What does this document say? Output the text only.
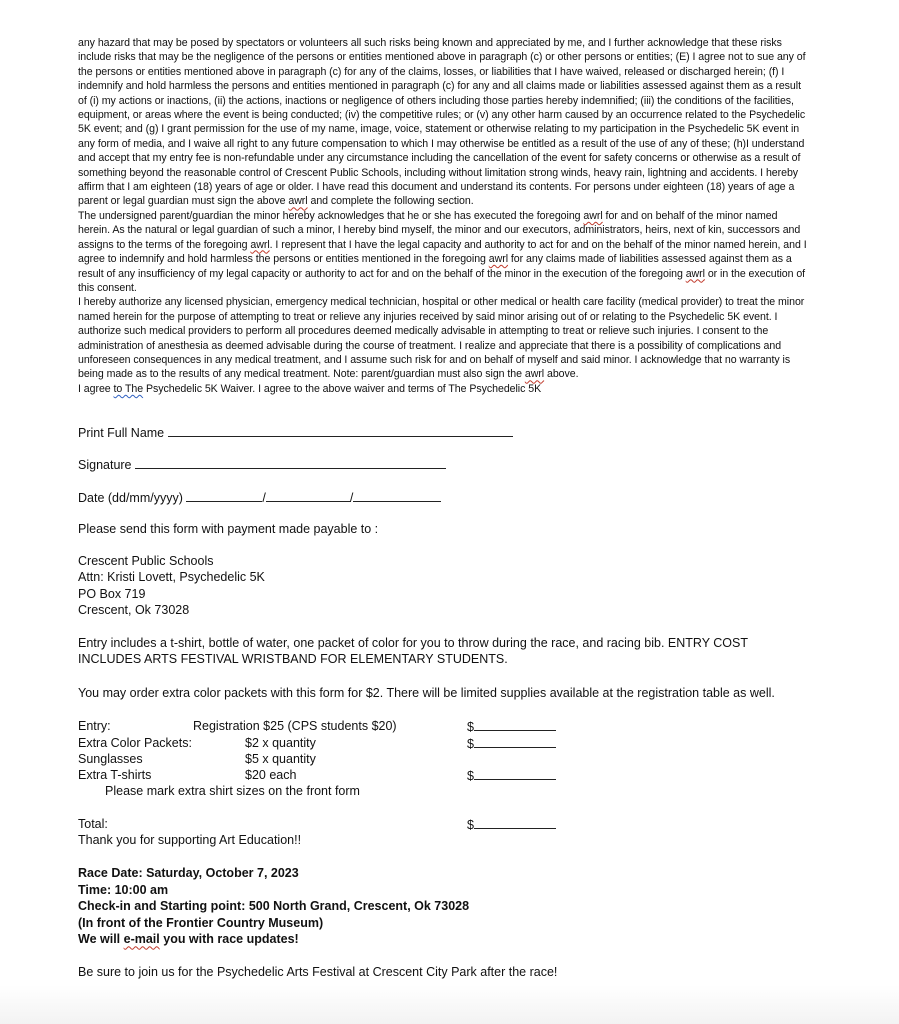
any hazard that may be posed by spectators or volunteers all such risks being known and appreciated by me, and I further acknowledge that these risks include risks that may be the negligence of the persons or entities mentioned above in paragraph (c) or other persons or entities; (E) I agree not to sue any of the persons or entities mentioned above in paragraph (c) for any of the claims, losses, or liabilities that I have waived, released or discharged herein; (f) I indemnify and hold harmless the persons and entities mentioned in paragraph (c) for any and all claims made or liabilities assessed against them as a result of (i) my actions or inactions, (ii) the actions, inactions or negligence of others including those parties hereby indemnified; (iii) the conditions of the facilities, equipment, or areas where the event is being conducted; (iv) the competitive rules; or (v) any other harm caused by an occurrence related to the Psychedelic 5K event; and (g) I grant permission for the use of my name, image, voice, statement or otherwise relating to my participation in the Psychedelic 5K event in any form of media, and I waive all right to any future compensation to which I may otherwise be entitled as a result of the use of any of these; (h)I understand and accept that my entry fee is non-refundable under any circumstance including the cancellation of the event for safety concerns or otherwise as a result of something beyond the reasonable control of Crescent Public Schools, including without limitation strong winds, heavy rain, lightning and accidents. I hereby affirm that I am eighteen (18) years of age or older. I have read this document and understand its contents. For persons under eighteen (18) years of age a parent or legal guardian must sign the above awrl and complete the following section.

The undersigned parent/guardian the minor hereby acknowledges that he or she has executed the foregoing awrl for and on behalf of the minor named herein. As the natural or legal guardian of such a minor, I hereby bind myself, the minor and our executors, administrators, heirs, next of kin, successors and assigns to the terms of the foregoing awrl. I represent that I have the legal capacity and authority to act for and on the behalf of the minor named herein, and I agree to indemnify and hold harmless the persons or entities mentioned in the foregoing awrl for any claims made of liabilities assessed against them as a result of any insufficiency of my legal capacity or authority to act for and on the behalf of the minor in the execution of the foregoing awrl or in the execution of this consent.

I hereby authorize any licensed physician, emergency medical technician, hospital or other medical or health care facility (medical provider) to treat the minor named herein for the purpose of attempting to treat or relieve any injuries received by said minor arising out of or relating to the Psychedelic 5K event. I authorize such medical providers to perform all procedures deemed medically advisable in attempting to treat or relieve such injuries. I consent to the administration of anesthesia as deemed advisable during the course of treatment. I realize and appreciate that there is a possibility of complications and unforeseen consequences in any medical treatment, and I assume such risk for and on behalf of myself and said minor. I acknowledge that no warranty is being made as to the results of any medical treatment. Note: parent/guardian must also sign the awrl above.

I agree to The Psychedelic 5K Waiver. I agree to the above waiver and terms of The Psychedelic 5K

Print Full Name
Signature
Date (dd/mm/yyyy)	/	/
Please send this form with payment made payable to :
Crescent Public Schools
Attn: Kristi Lovett, Psychedelic 5K
PO Box 719
Crescent, Ok 73028
Entry includes a t-shirt, bottle of water, one packet of color for you to throw during the race, and racing bib. ENTRY COST INCLUDES ARTS FESTIVAL WRISTBAND FOR ELEMENTARY STUDENTS.
You may order extra color packets with this form for $2. There will be limited supplies available at the registration table as well.
Entry:	Registration $25 (CPS students $20)	$
Extra Color Packets:	$2 x quantity	$
Sunglasses	$5 x quantity
Extra T-shirts	$20 each	$
Please mark extra shirt sizes on the front form
Total:	$
Thank you for supporting Art Education!!
Race Date: Saturday, October 7, 2023
Time: 10:00 am
Check-in and Starting point: 500 North Grand, Crescent, Ok 73028
(In front of the Frontier Country Museum)
We will e-mail you with race updates!
Be sure to join us for the Psychedelic Arts Festival at Crescent City Park after the race!
